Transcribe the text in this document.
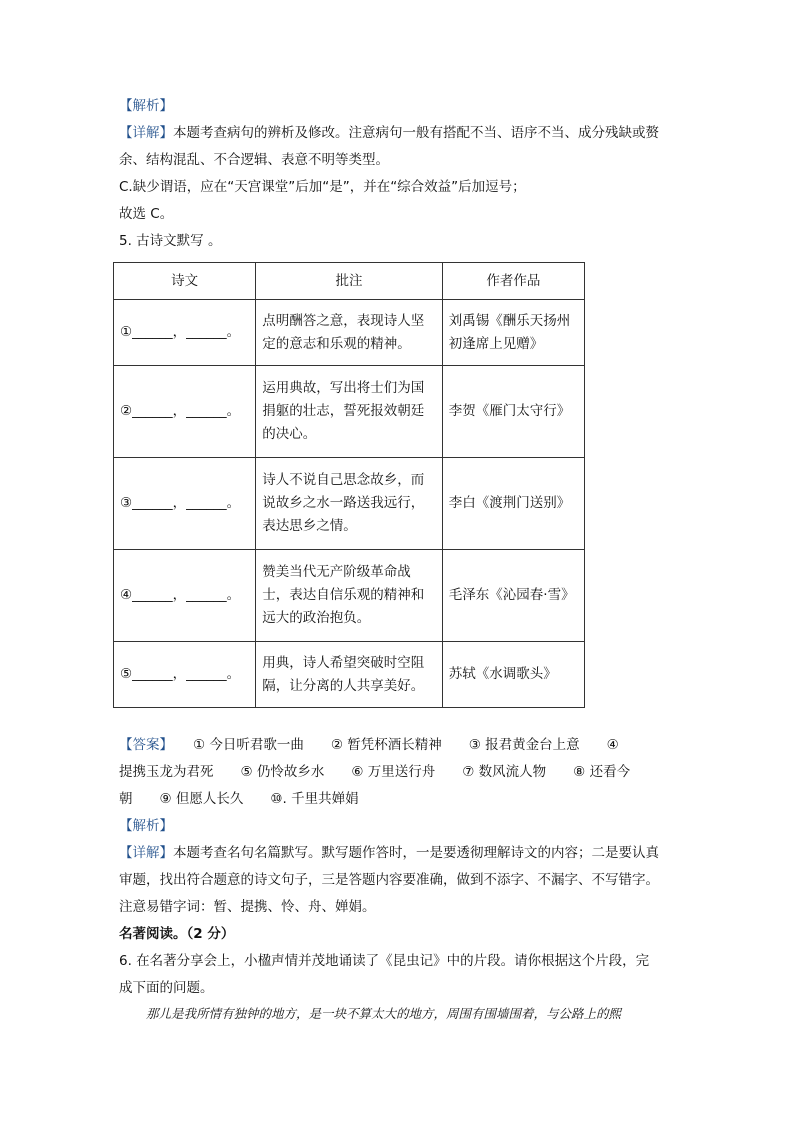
【解析】
【详解】本题考查病句的辨析及修改。注意病句一般有搭配不当、语序不当、成分残缺或赘
余、结构混乱、不合逻辑、表意不明等类型。
C.缺少谓语，应在“天宫课堂”后加“是”，并在“综合效益”后加逗号；
故选 C。
5. 古诗文默写 。
诗文	批注	作者作品
①______，______。	点明酬答之意，表现诗人坚定的意志和乐观的精神。	刘禹锡《酬乐天扬州初逢席上见赠》
②______，______。	运用典故，写出将士们为国捐躯的壮志，誓死报效朝廷的决心。	李贺《雁门太守行》
③______，______。	诗人不说自己思念故乡，而说故乡之水一路送我远行，表达思乡之情。	李白《渡荆门送别》
④______，______。	赞美当代无产阶级革命战士，表达自信乐观的精神和远大的政治抱负。	毛泽东《沁园春·雪》
⑤______，______。	用典，诗人希望突破时空阻隔，让分离的人共享美好。	苏轼《水调歌头》
【答案】 ① 今日听君歌一曲　　② 暂凭杯酒长精神　　③ 报君黄金台上意　　④
提携玉龙为君死　　⑤ 仍怜故乡水　　⑥ 万里送行舟　　⑦ 数风流人物　　⑧ 还看今
朝　　⑨ 但愿人长久　　⑩. 千里共婵娟
【解析】
【详解】本题考查名句名篇默写。默写题作答时，一是要透彻理解诗文的内容；二是要认真
审题，找出符合题意的诗文句子，三是答题内容要准确，做到不添字、不漏字、不写错字。
注意易错字词：暂、提携、怜、舟、婵娟。
名著阅读。（2 分）
6. 在名著分享会上，小楹声情并茂地诵读了《昆虫记》中的片段。请你根据这个片段，完
成下面的问题。
那儿是我所情有独钟的地方，是一块不算太大的地方，周围有围墙围着，与公路上的熙
